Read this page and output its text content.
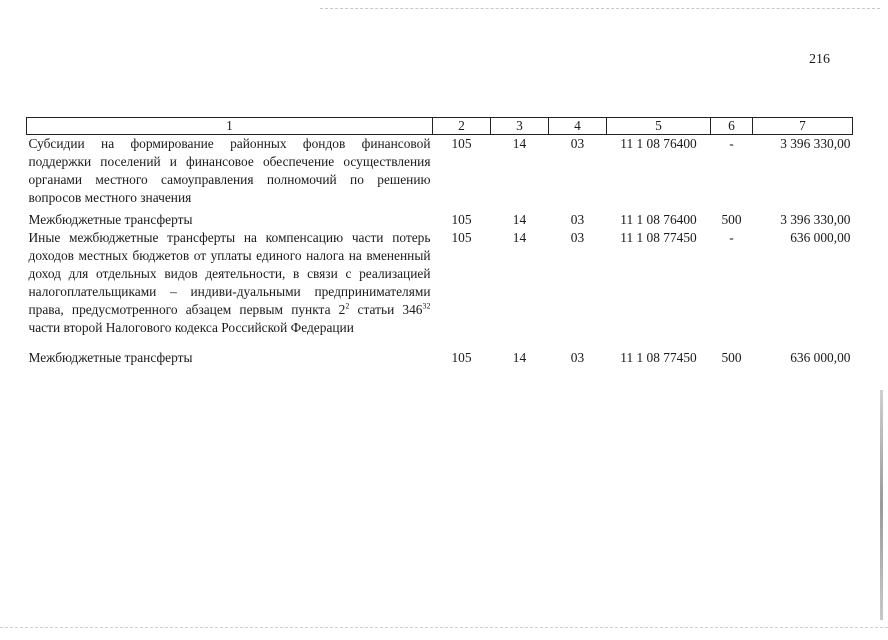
216
1	2	3	4	5	6	7
Субсидии на формирование районных фондов финансовой поддержки поселений и финансовое обеспечение осуществления органами местного самоуправления полномочий по решению вопросов местного значения	105	14	03	11 1 08 76400	-	3 396 330,00
Межбюджетные трансферты	105	14	03	11 1 08 76400	500	3 396 330,00
Иные межбюджетные трансферты на компенсацию части потерь доходов местных бюджетов от уплаты единого налога на вмененный доход для отдельных видов деятельности, в связи с реализацией налогоплательщиками – индиви-дуальными предпринимателями права, предусмотренного абзацем первым пункта $2^2$ статьи $346^{32}$ части второй Налогового кодекса Российской Федерации	105	14	03	11 1 08 77450	-	636 000,00
Межбюджетные трансферты	105	14	03	11 1 08 77450	500	636 000,00
